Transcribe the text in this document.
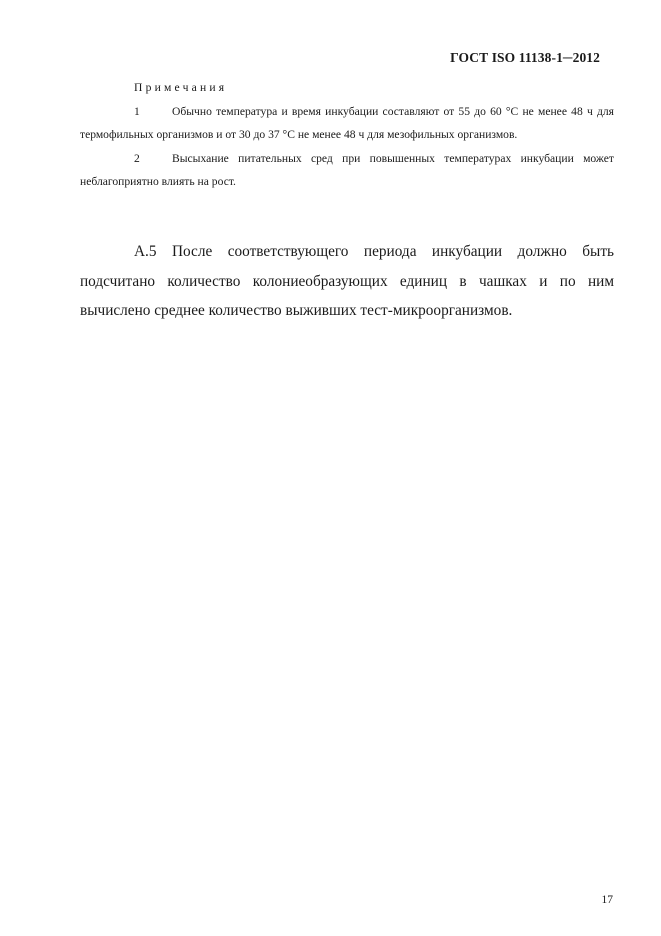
ГОСТ ISO 11138-1─2012
Примечания
1	Обычно температура и время инкубации составляют от 55 до 60 °С не менее 48 ч для термофильных организмов и от 30 до 37 °С не менее 48 ч для мезофильных организмов.
2	Высыхание питательных сред при повышенных температурах инкубации может неблагоприятно влиять на рост.
А.5 После соответствующего периода инкубации должно быть подсчитано количество колониеобразующих единиц в чашках и по ним вычислено среднее количество выживших тест-микроорганизмов.
17
